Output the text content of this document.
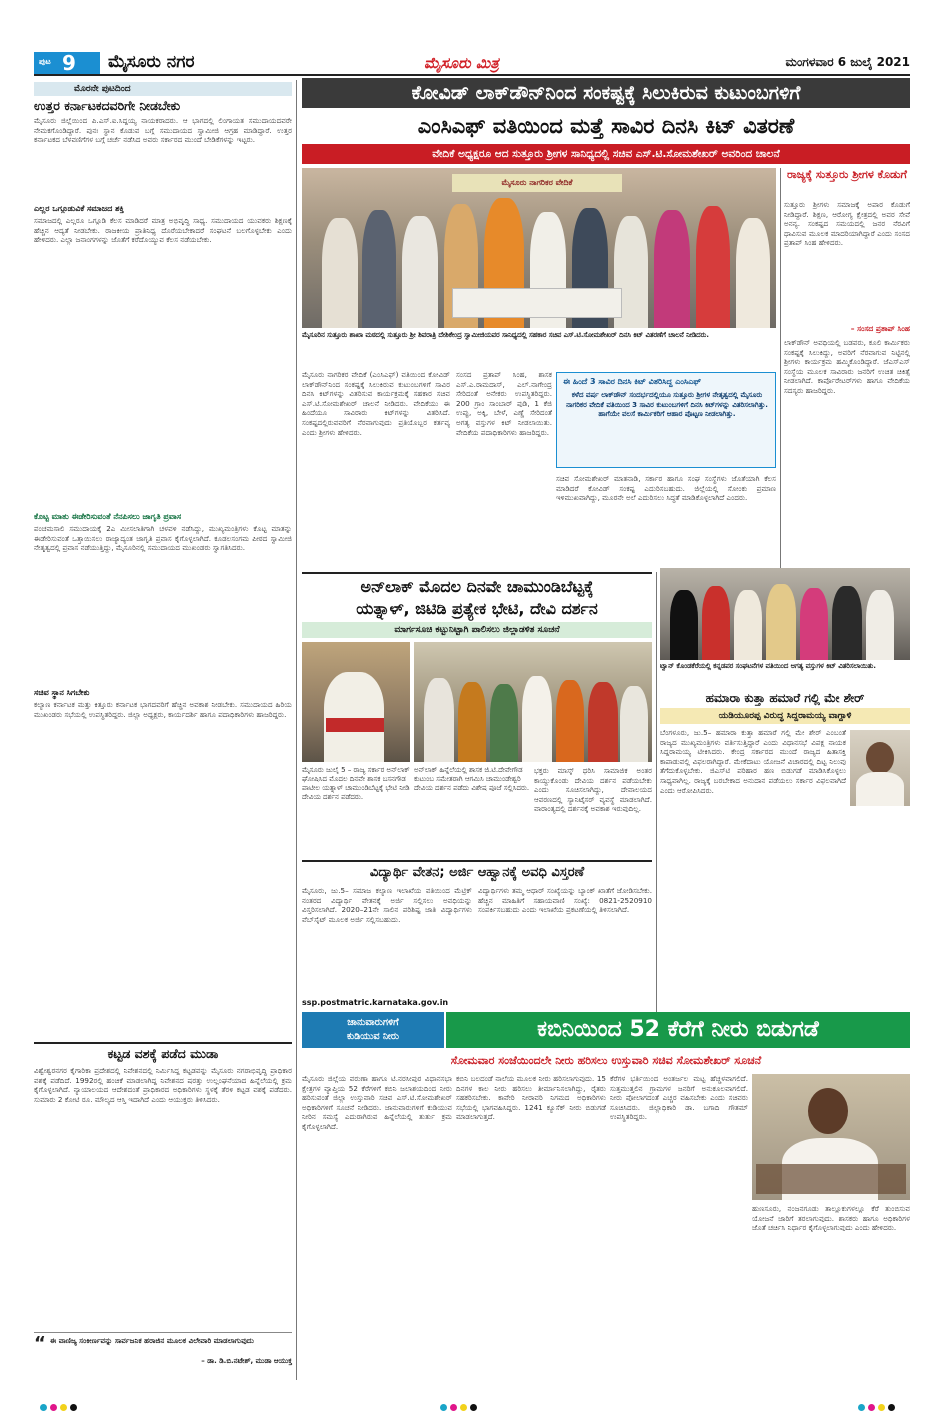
ಪುಟ 9 ಮೈಸೂರು ನಗರ	ಮೈಸೂರು ಮಿತ್ರ	ಮಂಗಳವಾರ 6 ಜುಲೈ 2021
ಮೊರನೇ ಪುಟದಿಂದ
ಉತ್ತರ ಕರ್ನಾಟಕದವರಿಗೇ ನೀಡಬೇಕು
ಮೈಸೂರು ಜಿಲ್ಲೆಯಿಂದ ಪಿ.ಎಸ್.ಐ.ಸಿದ್ದಯ್ಯ ನಾಯಕರಾದರು. ಆ ಭಾಗದಲ್ಲಿ ಲಿಂಗಾಯತ ಸಮುದಾಯದವರೇ ನೇಮಕಗೊಂಡಿದ್ದಾರೆ. ಪುನಃ ಸ್ಥಾನ ಕೊಡುವ ಬಗ್ಗೆ ಸಮುದಾಯದ ಸ್ವಾಮೀಜಿ ಆಗ್ರಹ ಮಾಡಿದ್ದಾರೆ. ಉತ್ತರ ಕರ್ನಾಟಕದ ಬೆಳವಣಿಗೆಗಳ ಬಗ್ಗೆ ಚರ್ಚೆ ನಡೆಸಿದ ಅವರು ಸರ್ಕಾರದ ಮುಂದೆ ಬೇಡಿಕೆಗಳನ್ನು ಇಟ್ಟರು.
ಎಲ್ಲರ ಒಗ್ಗೂಡುವಿಕೆ ಸಮಾಜದ ಶಕ್ತಿ
ಸಮಾಜದಲ್ಲಿ ಎಲ್ಲರೂ ಒಗ್ಗೂಡಿ ಕೆಲಸ ಮಾಡಿದರೆ ಮಾತ್ರ ಅಭಿವೃದ್ಧಿ ಸಾಧ್ಯ. ಸಮುದಾಯದ ಯುವಕರು ಶಿಕ್ಷಣಕ್ಕೆ ಹೆಚ್ಚಿನ ಆದ್ಯತೆ ನೀಡಬೇಕು. ರಾಜಕೀಯ ಪ್ರಾತಿನಿಧ್ಯ ದೊರೆಯಬೇಕಾದರೆ ಸಂಘಟನೆ ಬಲಗೊಳ್ಳಬೇಕು ಎಂದು ಹೇಳಿದರು. ಎಲ್ಲಾ ಜನಾಂಗಗಳನ್ನು ಜೊತೆಗೆ ಕರೆದೊಯ್ಯುವ ಕೆಲಸ ನಡೆಯಬೇಕು.
ಕೊಟ್ಟ ಮಾತು ಈಡೇರಿಸುವಂತೆ ನೆನಪಿಸಲು ಜಾಗೃತಿ ಪ್ರವಾಸ
ಪಂಚಮಸಾಲಿ ಸಮುದಾಯಕ್ಕೆ 2ಎ ಮೀಸಲಾತಿಗಾಗಿ ಚಳವಳಿ ನಡೆಸಿದ್ದು, ಮುಖ್ಯಮಂತ್ರಿಗಳು ಕೊಟ್ಟ ಮಾತನ್ನು ಈಡೇರಿಸುವಂತೆ ಒತ್ತಾಯಿಸಲು ರಾಜ್ಯಾದ್ಯಂತ ಜಾಗೃತಿ ಪ್ರವಾಸ ಕೈಗೊಳ್ಳಲಾಗಿದೆ. ಕೂಡಲಸಂಗಮ ಪೀಠದ ಸ್ವಾಮೀಜಿ ನೇತೃತ್ವದಲ್ಲಿ ಪ್ರವಾಸ ನಡೆಯುತ್ತಿದ್ದು, ಮೈಸೂರಿನಲ್ಲಿ ಸಮುದಾಯದ ಮುಖಂಡರು ಸ್ವಾಗತಿಸಿದರು.
ಸಚಿವ ಸ್ಥಾನ ಸಿಗಬೇಕು
ಕಲ್ಯಾಣ ಕರ್ನಾಟಕ ಮತ್ತು ಕಿತ್ತೂರು ಕರ್ನಾಟಕ ಭಾಗದವರಿಗೆ ಹೆಚ್ಚಿನ ಅವಕಾಶ ನೀಡಬೇಕು. ಸಮುದಾಯದ ಹಿರಿಯ ಮುಖಂಡರು ಸಭೆಯಲ್ಲಿ ಉಪಸ್ಥಿತರಿದ್ದರು. ಜಿಲ್ಲಾ ಅಧ್ಯಕ್ಷರು, ಕಾರ್ಯದರ್ಶಿ ಹಾಗೂ ಪದಾಧಿಕಾರಿಗಳು ಹಾಜರಿದ್ದರು.
ಕಟ್ಟಡ ವಶಕ್ಕೆ ಪಡೆದ ಮುಡಾ
ವಿಶ್ವೇಶ್ವರನಗರ ಕೈಗಾರಿಕಾ ಪ್ರದೇಶದಲ್ಲಿ ನಿವೇಶನದಲ್ಲಿ ನಿರ್ಮಿಸಿದ್ದ ಕಟ್ಟಡವನ್ನು ಮೈಸೂರು ನಗರಾಭಿವೃದ್ಧಿ ಪ್ರಾಧಿಕಾರ ವಶಕ್ಕೆ ಪಡೆದಿದೆ. 1992ರಲ್ಲಿ ಹಂಚಿಕೆ ಮಾಡಲಾಗಿದ್ದ ನಿವೇಶನದ ಷರತ್ತು ಉಲ್ಲಂಘನೆಯಾದ ಹಿನ್ನೆಲೆಯಲ್ಲಿ ಕ್ರಮ ಕೈಗೊಳ್ಳಲಾಗಿದೆ. ನ್ಯಾಯಾಲಯದ ಆದೇಶದಂತೆ ಪ್ರಾಧಿಕಾರದ ಅಧಿಕಾರಿಗಳು ಸ್ಥಳಕ್ಕೆ ತೆರಳಿ ಕಟ್ಟಡ ವಶಕ್ಕೆ ಪಡೆದರು. ಸುಮಾರು 2 ಕೋಟಿ ರೂ. ಮೌಲ್ಯದ ಆಸ್ತಿ ಇದಾಗಿದೆ ಎಂದು ಆಯುಕ್ತರು ತಿಳಿಸಿದರು.
“ ಈ ವಾಣಿಜ್ಯ ಸಂಕೀರ್ಣವನ್ನು ಸಾರ್ವಜನಿಕ ಹರಾಜಿನ ಮೂಲಕ ವಿಲೇವಾರಿ ಮಾಡಲಾಗುವುದು
– ಡಾ. ಡಿ.ಬಿ.ನಟೇಶ್, ಮುಡಾ ಆಯುಕ್ತ
ಕೋವಿಡ್ ಲಾಕ್‌ಡೌನ್‌ನಿಂದ ಸಂಕಷ್ಟಕ್ಕೆ ಸಿಲುಕಿರುವ ಕುಟುಂಬಗಳಿಗೆ
ಎಂಸಿಎಫ್ ವತಿಯಿಂದ ಮತ್ತೆ ಸಾವಿರ ದಿನಸಿ ಕಿಟ್ ವಿತರಣೆ
ವೇದಿಕೆ ಅಧ್ಯಕ್ಷರೂ ಆದ ಸುತ್ತೂರು ಶ್ರೀಗಳ ಸಾನಿಧ್ಯದಲ್ಲಿ ಸಚಿವ ಎಸ್.ಟಿ.ಸೋಮಶೇಖರ್ ಅವರಿಂದ ಚಾಲನೆ
ಮೈಸೂರು ನಾಗರಿಕರ ವೇದಿಕೆ
ಮೈಸೂರಿನ ಸುತ್ತೂರು ಶಾಖಾ ಮಠದಲ್ಲಿ ಸುತ್ತೂರು ಶ್ರೀ ಶಿವರಾತ್ರಿ ದೇಶಿಕೇಂದ್ರ ಸ್ವಾಮೀಜಿಯವರ ಸಾನಿಧ್ಯದಲ್ಲಿ ಸಹಕಾರ ಸಚಿವ ಎಸ್.ಟಿ.ಸೋಮಶೇಖರ್ ದಿನಸಿ ಕಿಟ್ ವಿತರಣೆಗೆ ಚಾಲನೆ ನೀಡಿದರು.
ಮೈಸೂರು ನಾಗರಿಕರ ವೇದಿಕೆ (ಎಂಸಿಎಫ್) ವತಿಯಿಂದ ಕೋವಿಡ್ ಲಾಕ್‌ಡೌನ್‌ನಿಂದ ಸಂಕಷ್ಟಕ್ಕೆ ಸಿಲುಕಿರುವ ಕುಟುಂಬಗಳಿಗೆ ಸಾವಿರ ದಿನಸಿ ಕಿಟ್‌ಗಳನ್ನು ವಿತರಿಸುವ ಕಾರ್ಯಕ್ರಮಕ್ಕೆ ಸಹಕಾರ ಸಚಿವ ಎಸ್.ಟಿ.ಸೋಮಶೇಖರ್ ಚಾಲನೆ ನೀಡಿದರು. ವೇದಿಕೆಯು ಈ ಹಿಂದೆಯೂ ಸಾವಿರಾರು ಕಿಟ್‌ಗಳನ್ನು ವಿತರಿಸಿದೆ. ಸಂಕಷ್ಟದಲ್ಲಿರುವವರಿಗೆ ನೆರವಾಗುವುದು ಪ್ರತಿಯೊಬ್ಬರ ಕರ್ತವ್ಯ ಎಂದು ಶ್ರೀಗಳು ಹೇಳಿದರು.
ಸಂಸದ ಪ್ರತಾಪ್ ಸಿಂಹ, ಶಾಸಕ ಎಸ್.ಎ.ರಾಮದಾಸ್, ಎಲ್.ನಾಗೇಂದ್ರ ಸೇರಿದಂತೆ ಅನೇಕರು ಉಪಸ್ಥಿತರಿದ್ದರು. 200 ಗ್ರಾಂ ಸಾಂಬಾರ್ ಪುಡಿ, 1 ಕೆಜಿ ಉಪ್ಪು, ಅಕ್ಕಿ, ಬೇಳೆ, ಎಣ್ಣೆ ಸೇರಿದಂತೆ ಅಗತ್ಯ ವಸ್ತುಗಳ ಕಿಟ್ ನೀಡಲಾಯಿತು. ವೇದಿಕೆಯ ಪದಾಧಿಕಾರಿಗಳು ಹಾಜರಿದ್ದರು.
ಈ ಹಿಂದೆ 3 ಸಾವಿರ ದಿನಸಿ ಕಿಟ್ ವಿತರಿಸಿದ್ದ ಎಂಸಿಎಫ್
ಕಳೆದ ವರ್ಷ ಲಾಕ್‌ಡೌನ್ ಸಂದರ್ಭದಲ್ಲಿಯೂ ಸುತ್ತೂರು ಶ್ರೀಗಳ ನೇತೃತ್ವದಲ್ಲಿ ಮೈಸೂರು ನಾಗರಿಕರ ವೇದಿಕೆ ವತಿಯಿಂದ 3 ಸಾವಿರ ಕುಟುಂಬಗಳಿಗೆ ದಿನಸಿ ಕಿಟ್‌ಗಳನ್ನು ವಿತರಿಸಲಾಗಿತ್ತು. ಹಾಗೆಯೇ ವಲಸೆ ಕಾರ್ಮಿಕರಿಗೆ ಆಹಾರ ಪೊಟ್ಟಣ ನೀಡಲಾಗಿತ್ತು.
ಸಚಿವ ಸೋಮಶೇಖರ್ ಮಾತನಾಡಿ, ಸರ್ಕಾರ ಹಾಗೂ ಸಂಘ ಸಂಸ್ಥೆಗಳು ಜೊತೆಯಾಗಿ ಕೆಲಸ ಮಾಡಿದರೆ ಕೋವಿಡ್ ಸಂಕಷ್ಟ ಎದುರಿಸಬಹುದು. ಜಿಲ್ಲೆಯಲ್ಲಿ ಸೋಂಕು ಪ್ರಮಾಣ ಇಳಿಮುಖವಾಗಿದ್ದು, ಮೂರನೇ ಅಲೆ ಎದುರಿಸಲು ಸಿದ್ಧತೆ ಮಾಡಿಕೊಳ್ಳಲಾಗಿದೆ ಎಂದರು.
ರಾಜ್ಯಕ್ಕೆ ಸುತ್ತೂರು ಶ್ರೀಗಳ ಕೊಡುಗೆ
ಸುತ್ತೂರು ಶ್ರೀಗಳು ಸಮಾಜಕ್ಕೆ ಅಪಾರ ಕೊಡುಗೆ ನೀಡಿದ್ದಾರೆ. ಶಿಕ್ಷಣ, ಆರೋಗ್ಯ ಕ್ಷೇತ್ರದಲ್ಲಿ ಅವರ ಸೇವೆ ಅನನ್ಯ. ಸಂಕಷ್ಟದ ಸಮಯದಲ್ಲಿ ಜನರ ನೆರವಿಗೆ ಧಾವಿಸುವ ಮೂಲಕ ಮಾದರಿಯಾಗಿದ್ದಾರೆ ಎಂದು ಸಂಸದ ಪ್ರತಾಪ್ ಸಿಂಹ ಹೇಳಿದರು.
– ಸಂಸದ ಪ್ರತಾಪ್ ಸಿಂಹ
ಲಾಕ್‌ಡೌನ್ ಅವಧಿಯಲ್ಲಿ ಬಡವರು, ಕೂಲಿ ಕಾರ್ಮಿಕರು ಸಂಕಷ್ಟಕ್ಕೆ ಸಿಲುಕಿದ್ದು, ಅವರಿಗೆ ನೆರವಾಗುವ ನಿಟ್ಟಿನಲ್ಲಿ ಶ್ರೀಗಳು ಕಾರ್ಯಕ್ರಮ ಹಮ್ಮಿಕೊಂಡಿದ್ದಾರೆ. ಜೆಎಸ್‌ಎಸ್ ಸಂಸ್ಥೆಯ ಮೂಲಕ ಸಾವಿರಾರು ಜನರಿಗೆ ಉಚಿತ ಚಿಕಿತ್ಸೆ ನೀಡಲಾಗಿದೆ. ಕಾರ್ಪೊರೇಟರ್‌ಗಳು ಹಾಗೂ ವೇದಿಕೆಯ ಸದಸ್ಯರು ಹಾಜರಿದ್ದರು.
ಅನ್‌ಲಾಕ್ ಮೊದಲ ದಿನವೇ ಚಾಮುಂಡಿಬೆಟ್ಟಕ್ಕೆ
ಯತ್ನಾಳ್, ಜಿಟಿಡಿ ಪ್ರತ್ಯೇಕ ಭೇಟಿ, ದೇವಿ ದರ್ಶನ
ಮಾರ್ಗಸೂಚಿ ಕಟ್ಟುನಿಟ್ಟಾಗಿ ಪಾಲಿಸಲು ಜಿಲ್ಲಾಡಳಿತ ಸೂಚನೆ
ಮೈಸೂರು ಜುಲೈ 5 – ರಾಜ್ಯ ಸರ್ಕಾರ ಅನ್‌ಲಾಕ್ ಘೋಷಿಸಿದ ಮೊದಲ ದಿನವೇ ಶಾಸಕ ಬಸನಗೌಡ ಪಾಟೀಲ ಯತ್ನಾಳ್ ಚಾಮುಂಡಿಬೆಟ್ಟಕ್ಕೆ ಭೇಟಿ ನೀಡಿ ದೇವಿಯ ದರ್ಶನ ಪಡೆದರು.
ಅನ್‌ಲಾಕ್ ಹಿನ್ನೆಲೆಯಲ್ಲಿ ಶಾಸಕ ಜಿ.ಟಿ.ದೇವೇಗೌಡ ಕುಟುಂಬ ಸಮೇತರಾಗಿ ಆಗಮಿಸಿ ಚಾಮುಂಡೇಶ್ವರಿ ದೇವಿಯ ದರ್ಶನ ಪಡೆದು ವಿಶೇಷ ಪೂಜೆ ಸಲ್ಲಿಸಿದರು.
ಭಕ್ತರು ಮಾಸ್ಕ್ ಧರಿಸಿ ಸಾಮಾಜಿಕ ಅಂತರ ಕಾಯ್ದುಕೊಂಡು ದೇವಿಯ ದರ್ಶನ ಪಡೆಯಬೇಕು ಎಂದು ಸೂಚಿಸಲಾಗಿದ್ದು, ದೇವಾಲಯದ ಆವರಣದಲ್ಲಿ ಸ್ಯಾನಿಟೈಸರ್ ವ್ಯವಸ್ಥೆ ಮಾಡಲಾಗಿದೆ. ವಾರಾಂತ್ಯದಲ್ಲಿ ದರ್ಶನಕ್ಕೆ ಅವಕಾಶ ಇರುವುದಿಲ್ಲ.
ವಿದ್ಯಾರ್ಥಿ ವೇತನ; ಅರ್ಜಿ ಆಹ್ವಾನಕ್ಕೆ ಅವಧಿ ವಿಸ್ತರಣೆ
ಮೈಸೂರು, ಜು.5– ಸಮಾಜ ಕಲ್ಯಾಣ ಇಲಾಖೆಯ ವತಿಯಿಂದ ಮೆಟ್ರಿಕ್ ನಂತರದ ವಿದ್ಯಾರ್ಥಿ ವೇತನಕ್ಕೆ ಅರ್ಜಿ ಸಲ್ಲಿಸಲು ಅವಧಿಯನ್ನು ವಿಸ್ತರಿಸಲಾಗಿದೆ. 2020–21ನೇ ಸಾಲಿನ ಪರಿಶಿಷ್ಟ ಜಾತಿ ವಿದ್ಯಾರ್ಥಿಗಳು ವೆಬ್‌ಸೈಟ್ ಮೂಲಕ ಅರ್ಜಿ ಸಲ್ಲಿಸಬಹುದು.
ssp.postmatric.karnataka.gov.in
ವಿದ್ಯಾರ್ಥಿಗಳು ತಮ್ಮ ಆಧಾರ್ ಸಂಖ್ಯೆಯನ್ನು ಬ್ಯಾಂಕ್ ಖಾತೆಗೆ ಜೋಡಿಸಬೇಕು. ಹೆಚ್ಚಿನ ಮಾಹಿತಿಗೆ ಸಹಾಯವಾಣಿ ಸಂಖ್ಯೆ: 0821-2520910 ಸಂಪರ್ಕಿಸಬಹುದು ಎಂದು ಇಲಾಖೆಯ ಪ್ರಕಟಣೆಯಲ್ಲಿ ತಿಳಿಸಲಾಗಿದೆ.
ಟ್ವಾನ್ ಕೊಂಡಕೆರೆಯಲ್ಲಿ ಕನ್ನಡಪರ ಸಂಘಟನೆಗಳ ವತಿಯಿಂದ ಅಗತ್ಯ ವಸ್ತುಗಳ ಕಿಟ್ ವಿತರಿಸಲಾಯಿತು.
ಹಮಾರಾ ಕುತ್ತಾ ಹಮಾರೆ ಗಲ್ಲಿ ಮೇ ಶೇರ್
ಯಡಿಯೂರಪ್ಪ ವಿರುದ್ಧ ಸಿದ್ದರಾಮಯ್ಯ ವಾಗ್ದಾಳಿ
ಬೆಂಗಳೂರು, ಜು.5– ಹಮಾರಾ ಕುತ್ತಾ ಹಮಾರೆ ಗಲ್ಲಿ ಮೇ ಶೇರ್ ಎಂಬಂತೆ ರಾಜ್ಯದ ಮುಖ್ಯಮಂತ್ರಿಗಳು ವರ್ತಿಸುತ್ತಿದ್ದಾರೆ ಎಂದು ವಿಧಾನಸಭೆ ವಿಪಕ್ಷ ನಾಯಕ ಸಿದ್ದರಾಮಯ್ಯ ಟೀಕಿಸಿದರು. ಕೇಂದ್ರ ಸರ್ಕಾರದ ಮುಂದೆ ರಾಜ್ಯದ ಹಿತಾಸಕ್ತಿ ಕಾಪಾಡುವಲ್ಲಿ ವಿಫಲರಾಗಿದ್ದಾರೆ. ಮೇಕೆದಾಟು ಯೋಜನೆ ವಿಚಾರದಲ್ಲಿ ದಿಟ್ಟ ನಿಲುವು ತೆಗೆದುಕೊಳ್ಳಬೇಕು. ಜಿಎಸ್‌ಟಿ ಪರಿಹಾರ ಹಣ ಬಿಡುಗಡೆ ಮಾಡಿಸಿಕೊಳ್ಳಲು ಸಾಧ್ಯವಾಗಿಲ್ಲ. ರಾಜ್ಯಕ್ಕೆ ಬರಬೇಕಾದ ಅನುದಾನ ಪಡೆಯಲು ಸರ್ಕಾರ ವಿಫಲವಾಗಿದೆ ಎಂದು ಆರೋಪಿಸಿದರು.
ಜಾನುವಾರುಗಳಿಗೆ
ಕುಡಿಯುವ ನೀರು	ಕಬಿನಿಯಿಂದ 52 ಕೆರೆಗೆ ನೀರು ಬಿಡುಗಡೆ
ಸೋಮವಾರ ಸಂಜೆಯಿಂದಲೇ ನೀರು ಹರಿಸಲು ಉಸ್ತುವಾರಿ ಸಚಿವ ಸೋಮಶೇಖರ್ ಸೂಚನೆ
ಮೈಸೂರು ಜಿಲ್ಲೆಯ ವರುಣಾ ಹಾಗೂ ಟಿ.ನರಸೀಪುರ ವಿಧಾನಸಭಾ ಕ್ಷೇತ್ರಗಳ ವ್ಯಾಪ್ತಿಯ 52 ಕೆರೆಗಳಿಗೆ ಕಬಿನಿ ಜಲಾಶಯದಿಂದ ನೀರು ಹರಿಸುವಂತೆ ಜಿಲ್ಲಾ ಉಸ್ತುವಾರಿ ಸಚಿವ ಎಸ್.ಟಿ.ಸೋಮಶೇಖರ್ ಅಧಿಕಾರಿಗಳಿಗೆ ಸೂಚನೆ ನೀಡಿದರು. ಜಾನುವಾರುಗಳಿಗೆ ಕುಡಿಯುವ ನೀರಿನ ಸಮಸ್ಯೆ ಎದುರಾಗಿರುವ ಹಿನ್ನೆಲೆಯಲ್ಲಿ ತುರ್ತು ಕ್ರಮ ಕೈಗೊಳ್ಳಲಾಗಿದೆ.
ಕಬಿನಿ ಬಲದಂಡೆ ನಾಲೆಯ ಮೂಲಕ ನೀರು ಹರಿಸಲಾಗುವುದು. 15 ದಿನಗಳ ಕಾಲ ನೀರು ಹರಿಸಲು ತೀರ್ಮಾನಿಸಲಾಗಿದ್ದು, ರೈತರು ಸಹಕರಿಸಬೇಕು. ಕಾವೇರಿ ನೀರಾವರಿ ನಿಗಮದ ಅಧಿಕಾರಿಗಳು ಸಭೆಯಲ್ಲಿ ಭಾಗವಹಿಸಿದ್ದರು. 1241 ಕ್ಯೂಸೆಕ್ ನೀರು ಬಿಡುಗಡೆ ಮಾಡಲಾಗುತ್ತದೆ.
ಕೆರೆಗಳ ಭರ್ತಿಯಿಂದ ಅಂತರ್ಜಲ ಮಟ್ಟ ಹೆಚ್ಚಳವಾಗಲಿದೆ. ಸುತ್ತಮುತ್ತಲಿನ ಗ್ರಾಮಗಳ ಜನರಿಗೆ ಅನುಕೂಲವಾಗಲಿದೆ. ನೀರು ಪೋಲಾಗದಂತೆ ಎಚ್ಚರ ವಹಿಸಬೇಕು ಎಂದು ಸಚಿವರು ಸೂಚಿಸಿದರು. ಜಿಲ್ಲಾಧಿಕಾರಿ ಡಾ. ಬಗಾದಿ ಗೌತಮ್ ಉಪಸ್ಥಿತರಿದ್ದರು.
ಹುಣಸೂರು, ನಂಜನಗೂಡು ತಾಲ್ಲೂಕುಗಳಲ್ಲೂ ಕೆರೆ ತುಂಬಿಸುವ ಯೋಜನೆ ಜಾರಿಗೆ ತರಲಾಗುವುದು. ಶಾಸಕರು ಹಾಗೂ ಅಧಿಕಾರಿಗಳ ಜೊತೆ ಚರ್ಚಿಸಿ ನಿರ್ಧಾರ ಕೈಗೊಳ್ಳಲಾಗುವುದು ಎಂದು ಹೇಳಿದರು.
